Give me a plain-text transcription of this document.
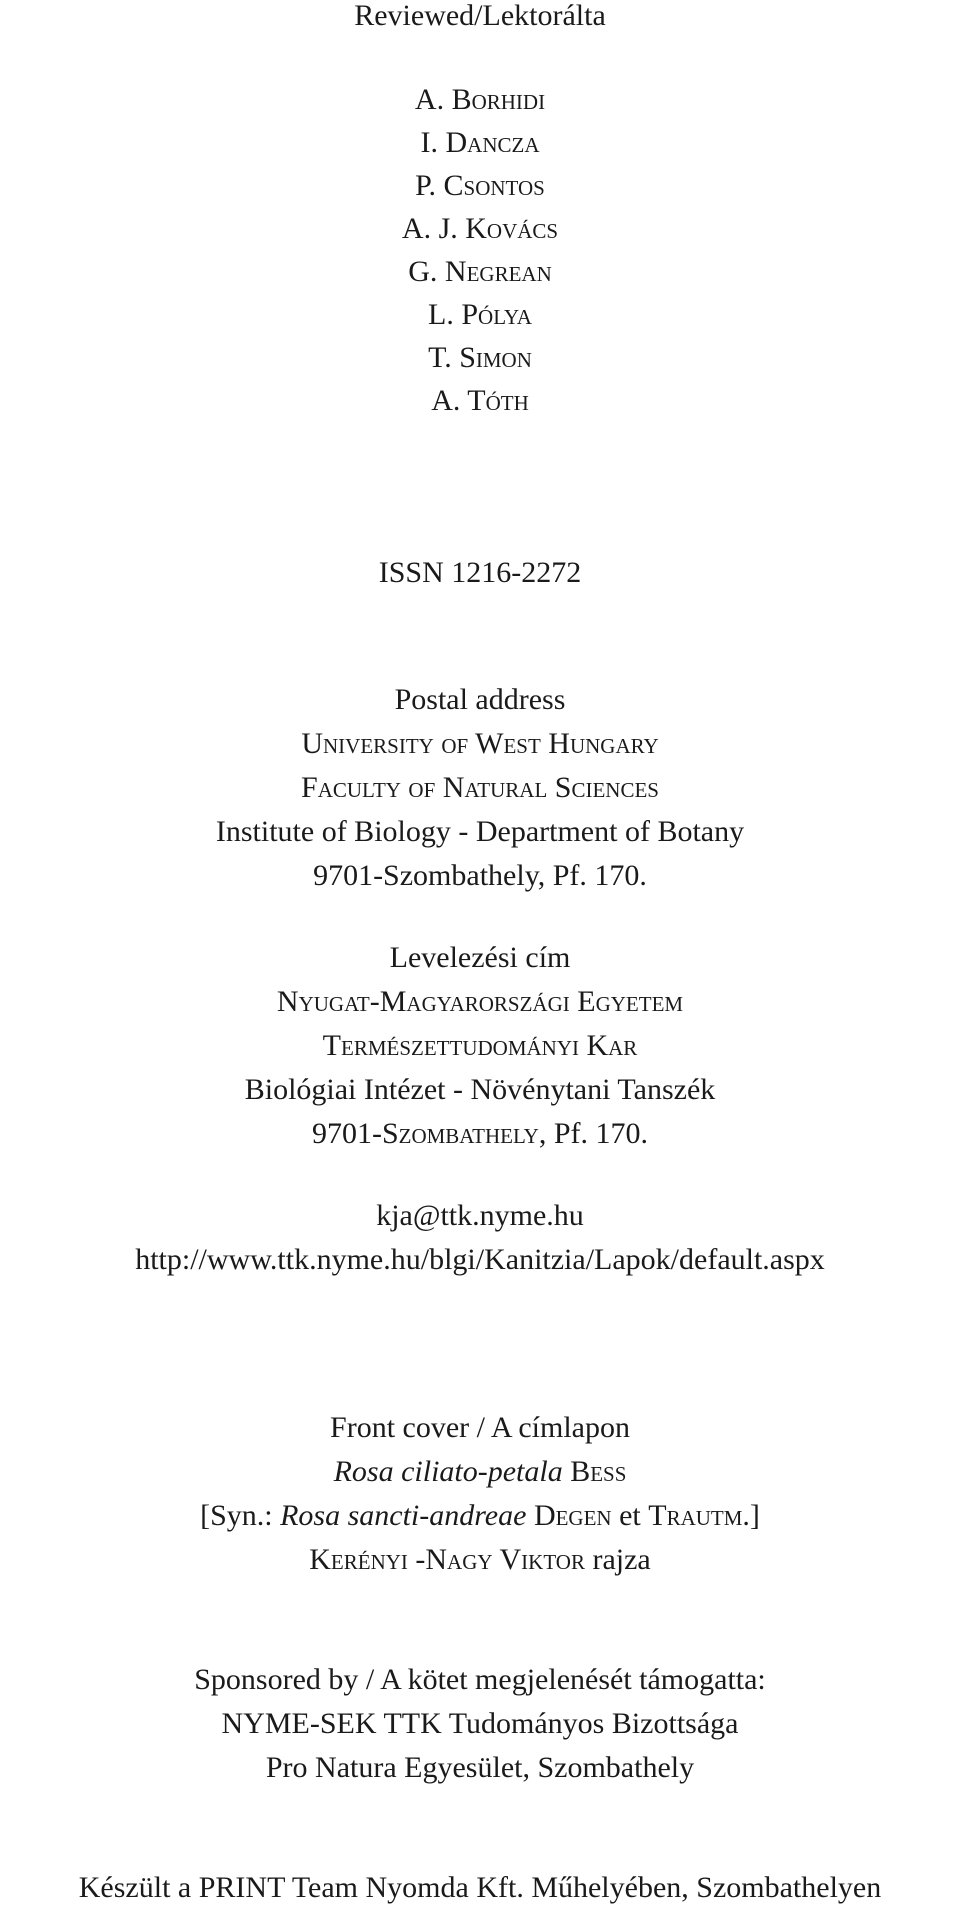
Reviewed/Lektorálta
A. Borhidi
I. Dancza
P. Csontos
A. J. Kovács
G. Negrean
L. Pólya
T. Simon
A. Tóth
ISSN 1216-2272
Postal address
University of West Hungary
Faculty of Natural Sciences
Institute of Biology - Department of Botany
9701-Szombathely, Pf. 170.
Levelezési cím
Nyugat-Magyarországi Egyetem
Természettudományi Kar
Biológiai Intézet - Növénytani Tanszék
9701-Szombathely, Pf. 170.
kja@ttk.nyme.hu
http://www.ttk.nyme.hu/blgi/Kanitzia/Lapok/default.aspx
Front cover / A címlapon
Rosa ciliato-petala Bess
[Syn.: Rosa sancti-andreae Degen et Trautm.]
Kerényi -Nagy Viktor rajza
Sponsored by / A kötet megjelenését támogatta:
NYME-SEK TTK Tudományos Bizottsága
Pro Natura Egyesület, Szombathely
Készült a PRINT Team Nyomda Kft. Műhelyében, Szombathelyen
